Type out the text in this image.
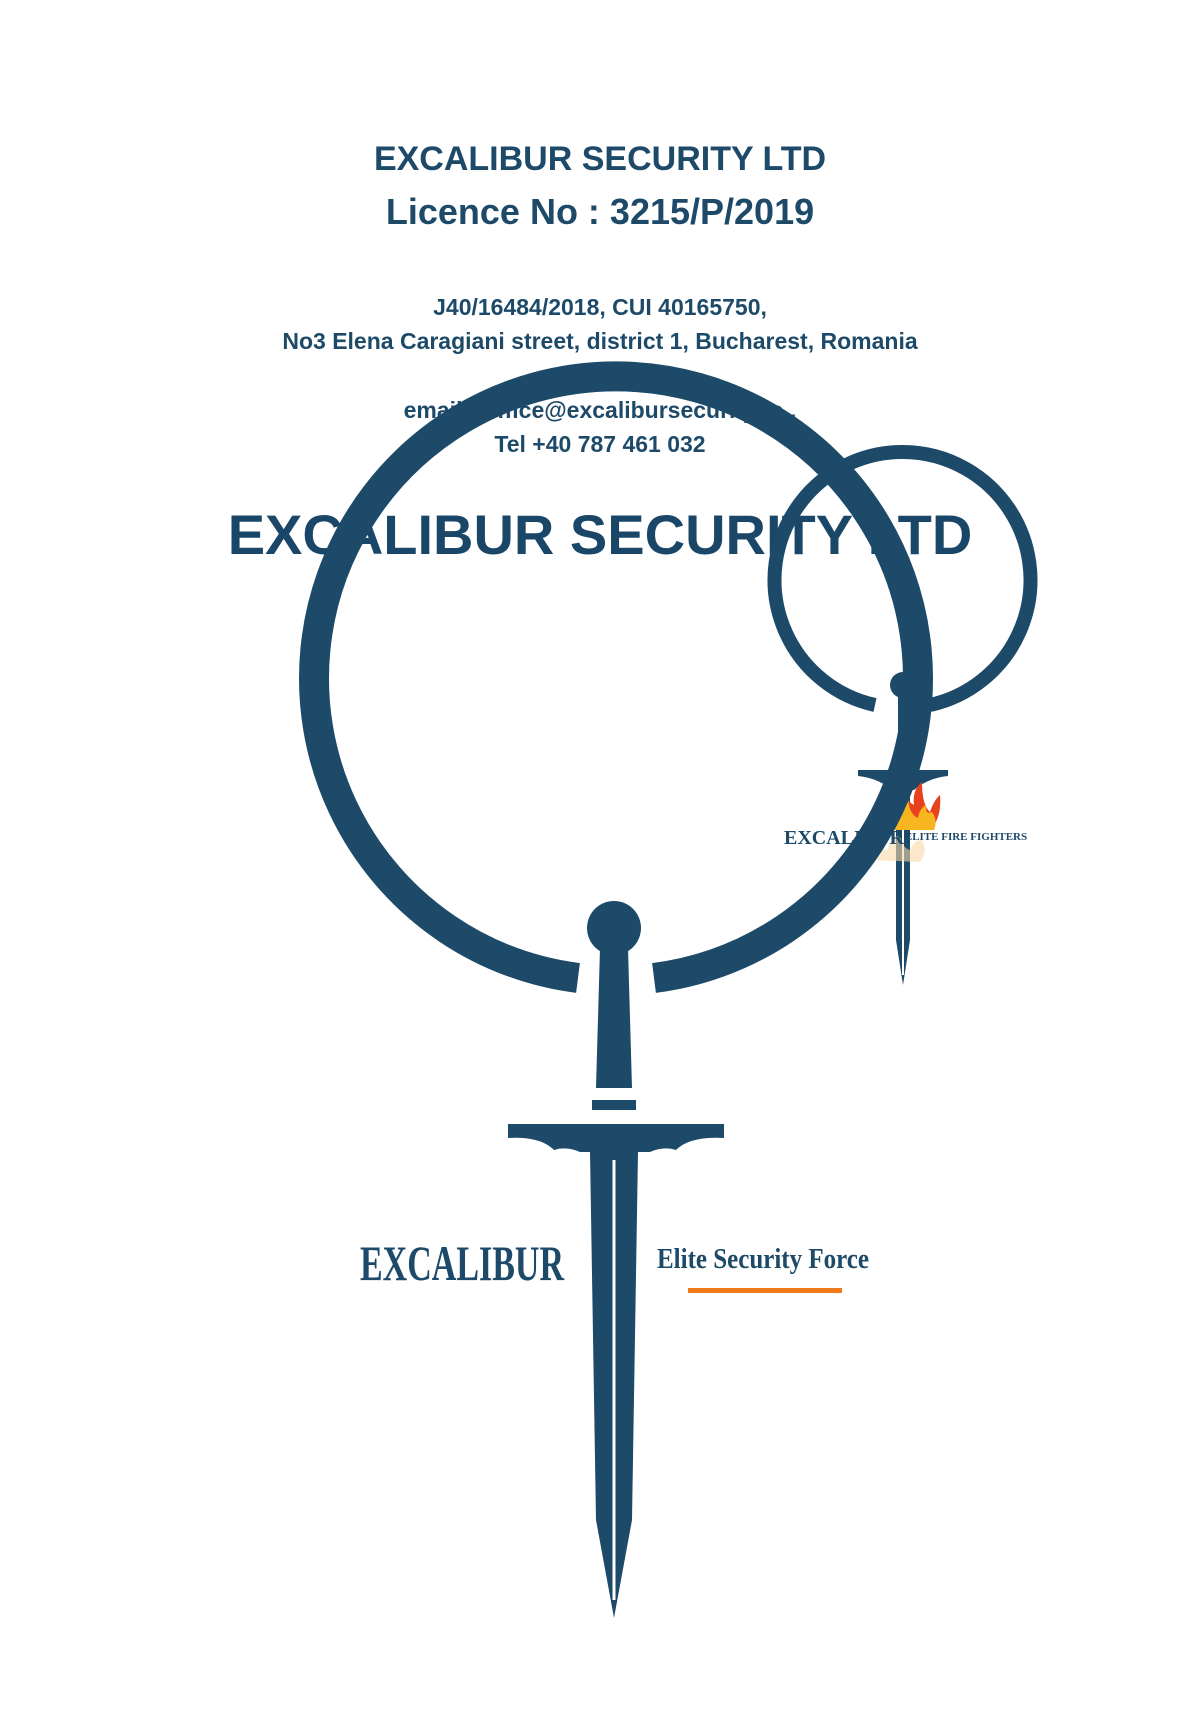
EXCALIBUR SECURITY LTD
Licence No : 3215/P/2019
J40/16484/2018, CUI 40165750,
No3 Elena Caragiani street, district 1, Bucharest, Romania
email : office@excalibursecurity.ro ,
Tel +40 787 461 032
EXCALIBUR SECURITY LTD
EXCALIBUR ELITE FIRE FIGHTERS
EXCALIBUR	Elite Security Force
